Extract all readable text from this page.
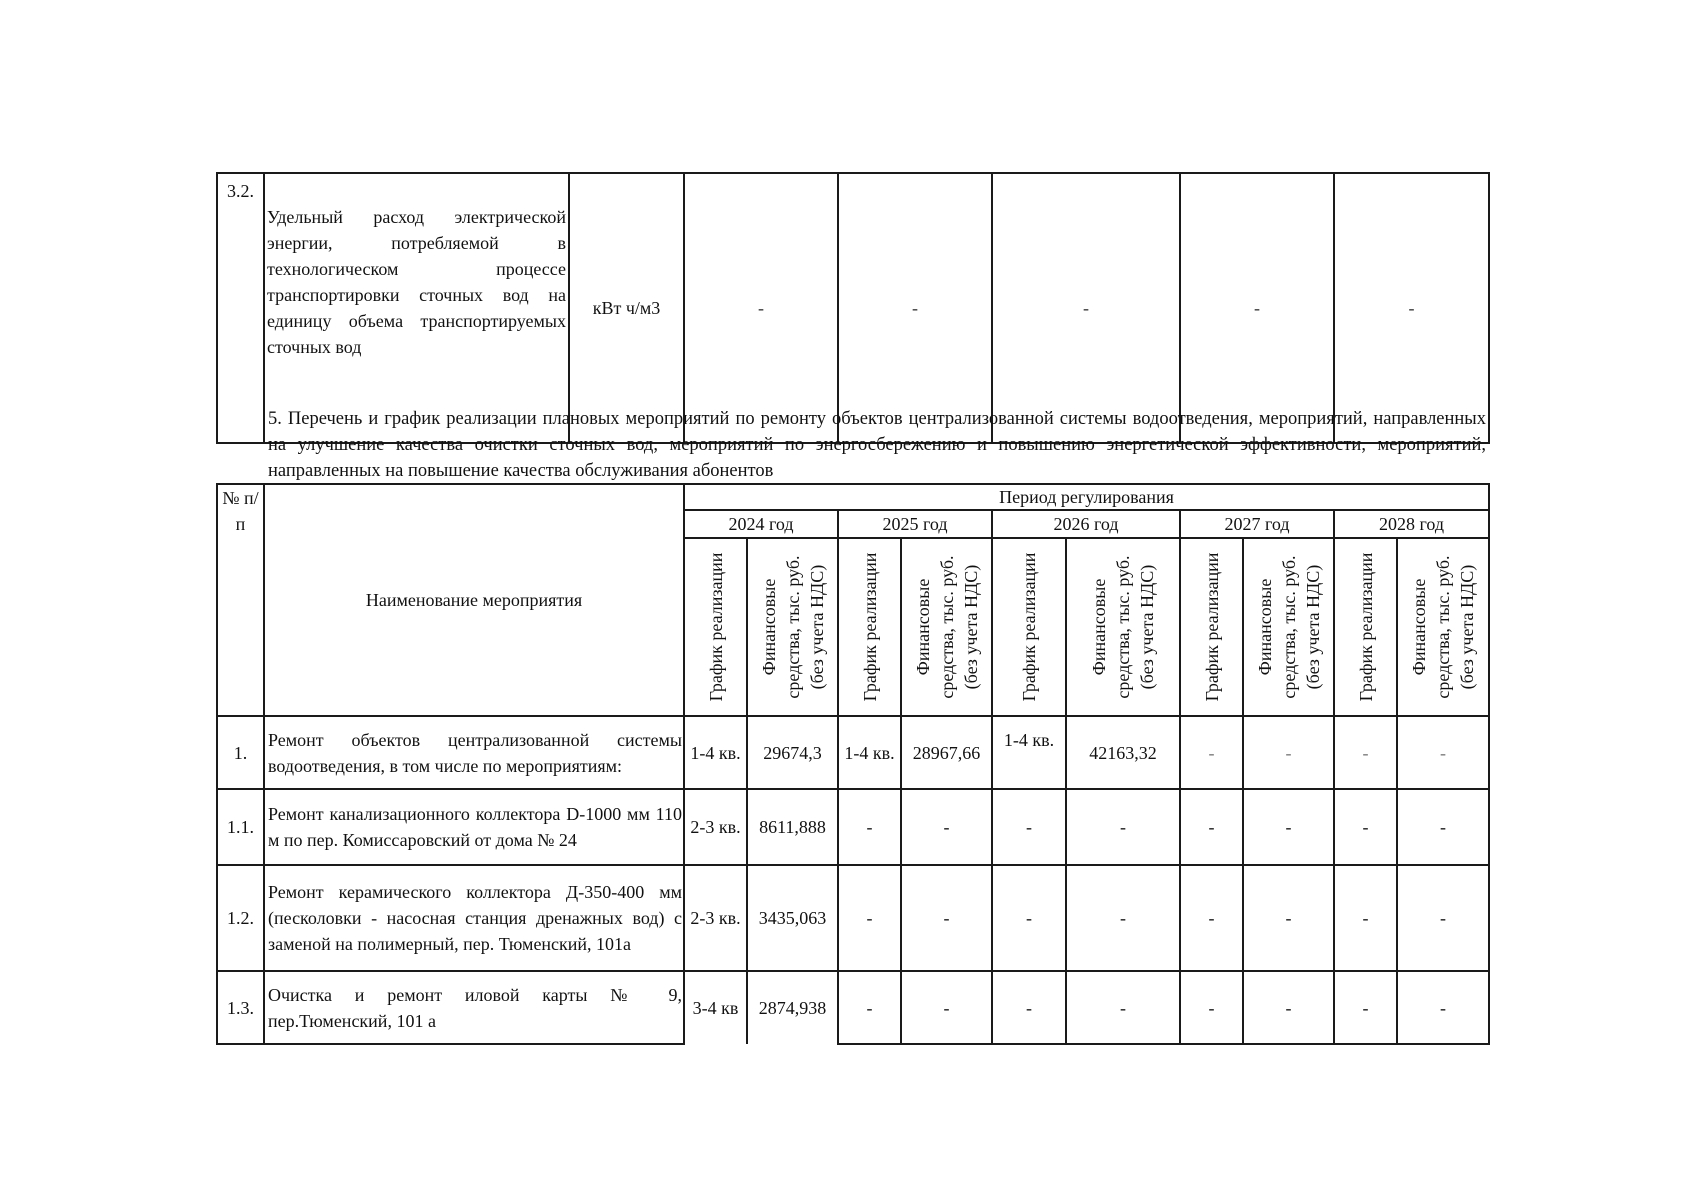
3.2.	Удельный расход электрической энергии, потребляемой в технологическом процессе транспортировки сточных вод на единицу объема транспортируемых сточных вод	кВт ч/м3	-	-	-	-	-
5. Перечень и график реализации плановых мероприятий по ремонту объектов централизованной системы водоотведения, мероприятий, направленных на улучшение качества очистки сточных вод, мероприятий по энергосбережению и повышению энергетической эффективности, мероприятий, направленных на повышение качества обслуживания абонентов
№ п/п	Наименование мероприятия	Период регулирования									
		2024 год		2025 год		2026 год		2027 год		2028 год	

		График реализации	Финансовые средства, тыс. руб. (без учета НДС)	График реализации	Финансовые средства, тыс. руб. (без учета НДС)	График реализации	Финансовые средства, тыс. руб. (без учета НДС)	График реализации	Финансовые средства, тыс. руб. (без учета НДС)	График реализации	Финансовые средства, тыс. руб. (без учета НДС)

1.	Ремонт объектов централизованной системы водоотведения, в том числе по мероприятиям:	1-4 кв.	29674,3	1-4 кв.	28967,66	1-4 кв.	42163,32	-	-	-	-
1.1.	Ремонт канализационного коллектора D-1000 мм 110 м по пер. Комиссаровский от дома № 24	2-3 кв.	8611,888	-	-	-	-	-	-	-	-
1.2.	Ремонт керамического коллектора Д-350-400 мм (песколовки - насосная станция дренажных вод) с заменой на полимерный, пер. Тюменский, 101а	2-3 кв.	3435,063	-	-	-	-	-	-	-	-
1.3.	Очистка и ремонт иловой карты № 9, пер.Тюменский, 101 а	3-4 кв	2874,938	-	-	-	-	-	-	-	-
